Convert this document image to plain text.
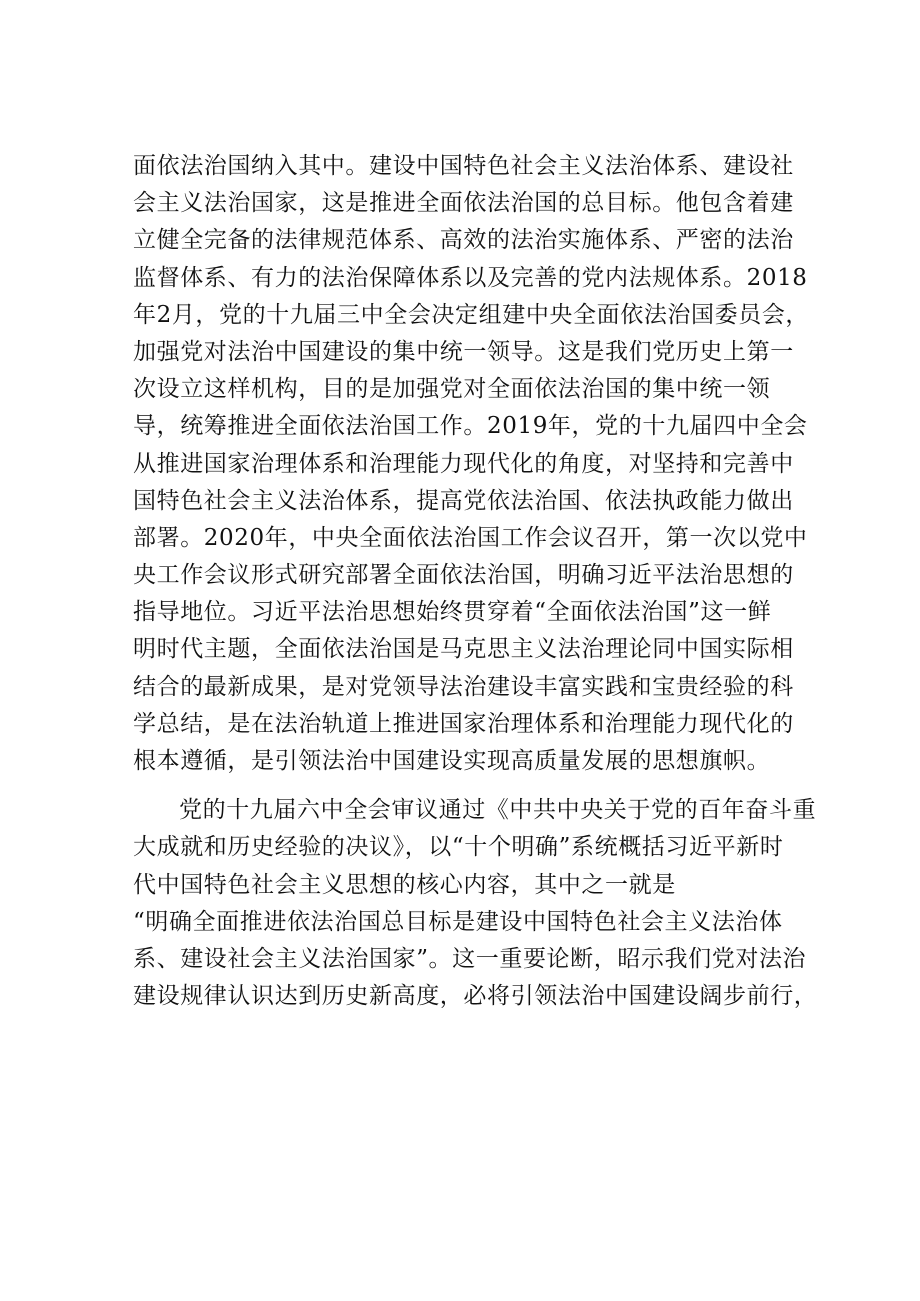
面依法治国纳入其中。建设中国特色社会主义法治体系、建设社
会主义法治国家，这是推进全面依法治国的总目标。他包含着建
立健全完备的法律规范体系、高效的法治实施体系、严密的法治
监督体系、有力的法治保障体系以及完善的党内法规体系。2018
年2月，党的十九届三中全会决定组建中央全面依法治国委员会，
加强党对法治中国建设的集中统一领导。这是我们党历史上第一
次设立这样机构，目的是加强党对全面依法治国的集中统一领
导，统筹推进全面依法治国工作。2019年，党的十九届四中全会
从推进国家治理体系和治理能力现代化的角度，对坚持和完善中
国特色社会主义法治体系，提高党依法治国、依法执政能力做出
部署。2020年，中央全面依法治国工作会议召开，第一次以党中
央工作会议形式研究部署全面依法治国，明确习近平法治思想的
指导地位。习近平法治思想始终贯穿着“全面依法治国”这一鲜
明时代主题，全面依法治国是马克思主义法治理论同中国实际相
结合的最新成果，是对党领导法治建设丰富实践和宝贵经验的科
学总结，是在法治轨道上推进国家治理体系和治理能力现代化的
根本遵循，是引领法治中国建设实现高质量发展的思想旗帜。
党的十九届六中全会审议通过《中共中央关于党的百年奋斗重
大成就和历史经验的决议》，以“十个明确”系统概括习近平新时
代中国特色社会主义思想的核心内容，其中之一就是
“明确全面推进依法治国总目标是建设中国特色社会主义法治体
系、建设社会主义法治国家”。这一重要论断，昭示我们党对法治
建设规律认识达到历史新高度，必将引领法治中国建设阔步前行，
